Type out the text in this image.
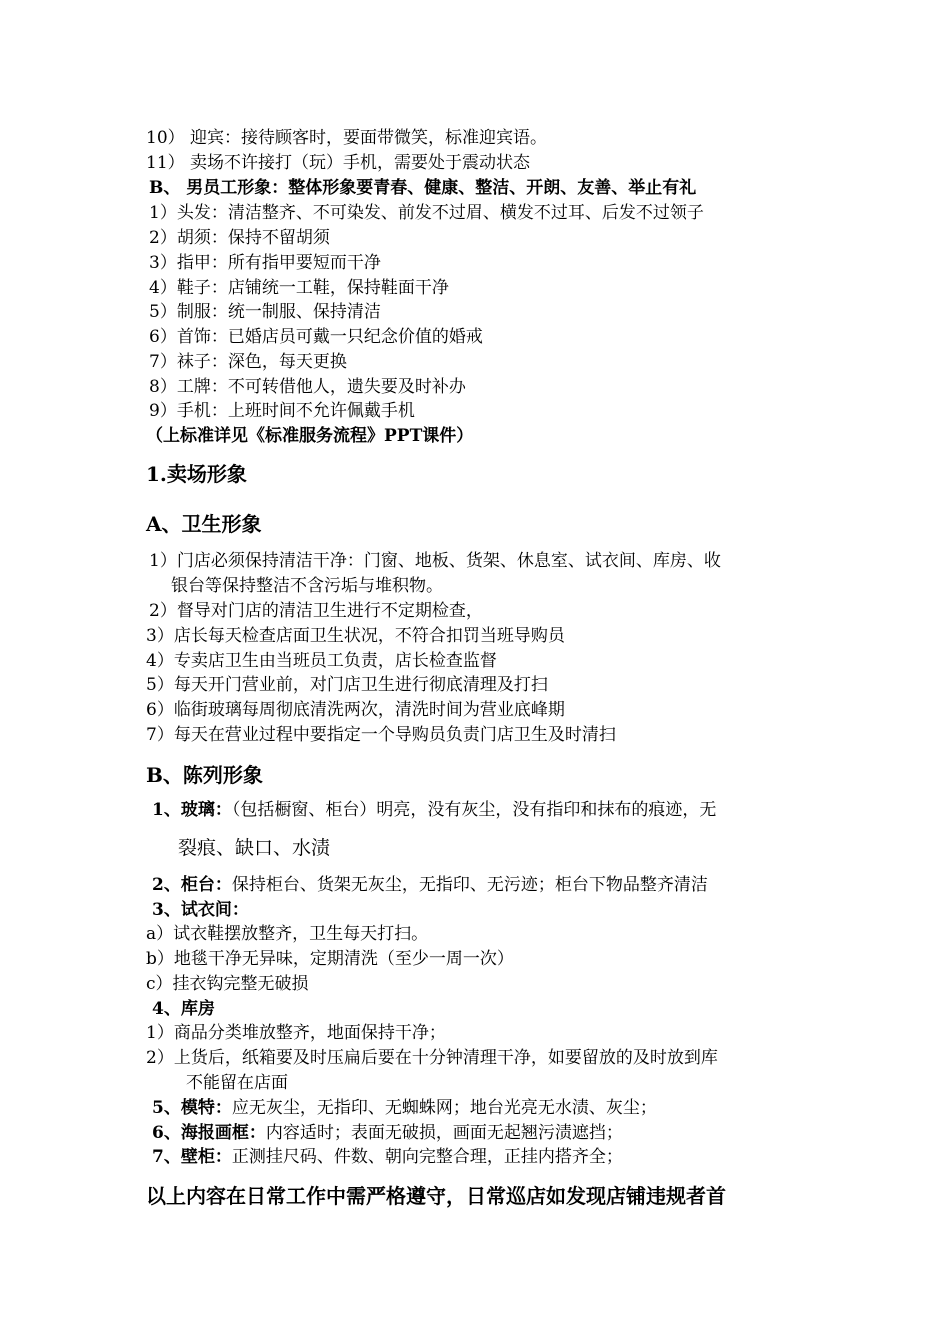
10） 迎宾：接待顾客时，要面带微笑，标准迎宾语。
11） 卖场不许接打（玩）手机，需要处于震动状态
B、 男员工形象：整体形象要青春、健康、整洁、开朗、友善、举止有礼
1）头发：清洁整齐、不可染发、前发不过眉、横发不过耳、后发不过领子
2）胡须：保持不留胡须
3）指甲：所有指甲要短而干净
4）鞋子：店铺统一工鞋，保持鞋面干净
5）制服：统一制服、保持清洁
6）首饰：已婚店员可戴一只纪念价值的婚戒
7）袜子：深色，每天更换
8）工牌：不可转借他人，遗失要及时补办
9）手机：上班时间不允许佩戴手机
（上标准详见《标准服务流程》PPT课件）
1.卖场形象
A、卫生形象
1）门店必须保持清洁干净：门窗、地板、货架、休息室、试衣间、库房、收
银台等保持整洁不含污垢与堆积物。
2）督导对门店的清洁卫生进行不定期检查，
3）店长每天检查店面卫生状况，不符合扣罚当班导购员
4）专卖店卫生由当班员工负责，店长检查监督
5）每天开门营业前，对门店卫生进行彻底清理及打扫
6）临街玻璃每周彻底清洗两次，清洗时间为营业底峰期
7）每天在营业过程中要指定一个导购员负责门店卫生及时清扫
B、陈列形象
1、玻璃：（包括橱窗、柜台）明亮，没有灰尘，没有指印和抹布的痕迹，无
裂痕、缺口、水渍
2、柜台：保持柜台、货架无灰尘，无指印、无污迹；柜台下物品整齐清洁
3、试衣间：
a）试衣鞋摆放整齐，卫生每天打扫。
b）地毯干净无异味，定期清洗（至少一周一次）
c）挂衣钩完整无破损
4、库房
1）商品分类堆放整齐，地面保持干净；
2）上货后，纸箱要及时压扁后要在十分钟清理干净，如要留放的及时放到库
不能留在店面
5、模特：应无灰尘，无指印、无蜘蛛网；地台光亮无水渍、灰尘；
6、海报画框：内容适时；表面无破损，画面无起翘污渍遮挡；
7、壁柜：正测挂尺码、件数、朝向完整合理，正挂内搭齐全；
以上内容在日常工作中需严格遵守，日常巡店如发现店铺违规者首
